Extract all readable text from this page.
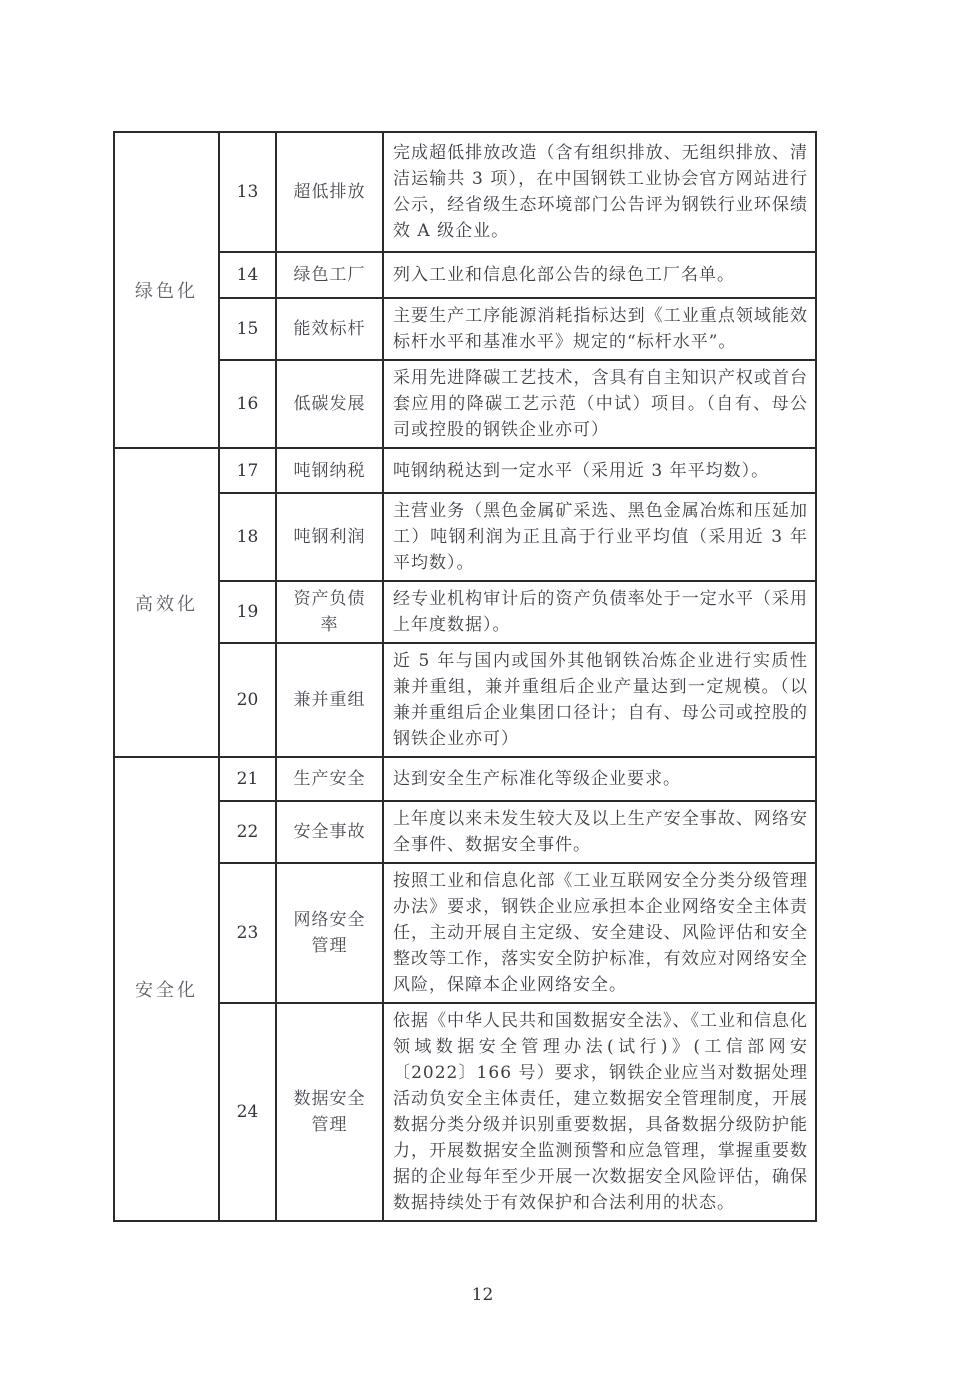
绿色化	13	超低排放	完成超低排放改造（含有组织排放、无组织排放、清洁运输共 3 项），在中国钢铁工业协会官方网站进行公示，经省级生态环境部门公告评为钢铁行业环保绩效 A 级企业。
	14	绿色工厂	列入工业和信息化部公告的绿色工厂名单。
	15	能效标杆	主要生产工序能源消耗指标达到《工业重点领域能效标杆水平和基准水平》规定的“标杆水平”。
	16	低碳发展	采用先进降碳工艺技术，含具有自主知识产权或首台套应用的降碳工艺示范（中试）项目。（自有、母公司或控股的钢铁企业亦可）
高效化	17	吨钢纳税	吨钢纳税达到一定水平（采用近 3 年平均数）。
	18	吨钢利润	主营业务（黑色金属矿采选、黑色金属冶炼和压延加工）吨钢利润为正且高于行业平均值（采用近 3 年平均数）。
	19	资产负债率	经专业机构审计后的资产负债率处于一定水平（采用上年度数据）。
	20	兼并重组	近 5 年与国内或国外其他钢铁冶炼企业进行实质性兼并重组，兼并重组后企业产量达到一定规模。（以兼并重组后企业集团口径计；自有、母公司或控股的钢铁企业亦可）
安全化	21	生产安全	达到安全生产标准化等级企业要求。
	22	安全事故	上年度以来未发生较大及以上生产安全事故、网络安全事件、数据安全事件。
	23	网络安全管理	按照工业和信息化部《工业互联网安全分类分级管理办法》要求，钢铁企业应承担本企业网络安全主体责任，主动开展自主定级、安全建设、风险评估和安全整改等工作，落实安全防护标准，有效应对网络安全风险，保障本企业网络安全。
	24	数据安全管理	依据《中华人民共和国数据安全法》、《工业和信息化领域数据安全管理办法(试行)》(工信部网安〔2022〕166 号）要求，钢铁企业应当对数据处理活动负安全主体责任，建立数据安全管理制度，开展数据分类分级并识别重要数据，具备数据分级防护能力，开展数据安全监测预警和应急管理，掌握重要数据的企业每年至少开展一次数据安全风险评估，确保数据持续处于有效保护和合法利用的状态。
12
